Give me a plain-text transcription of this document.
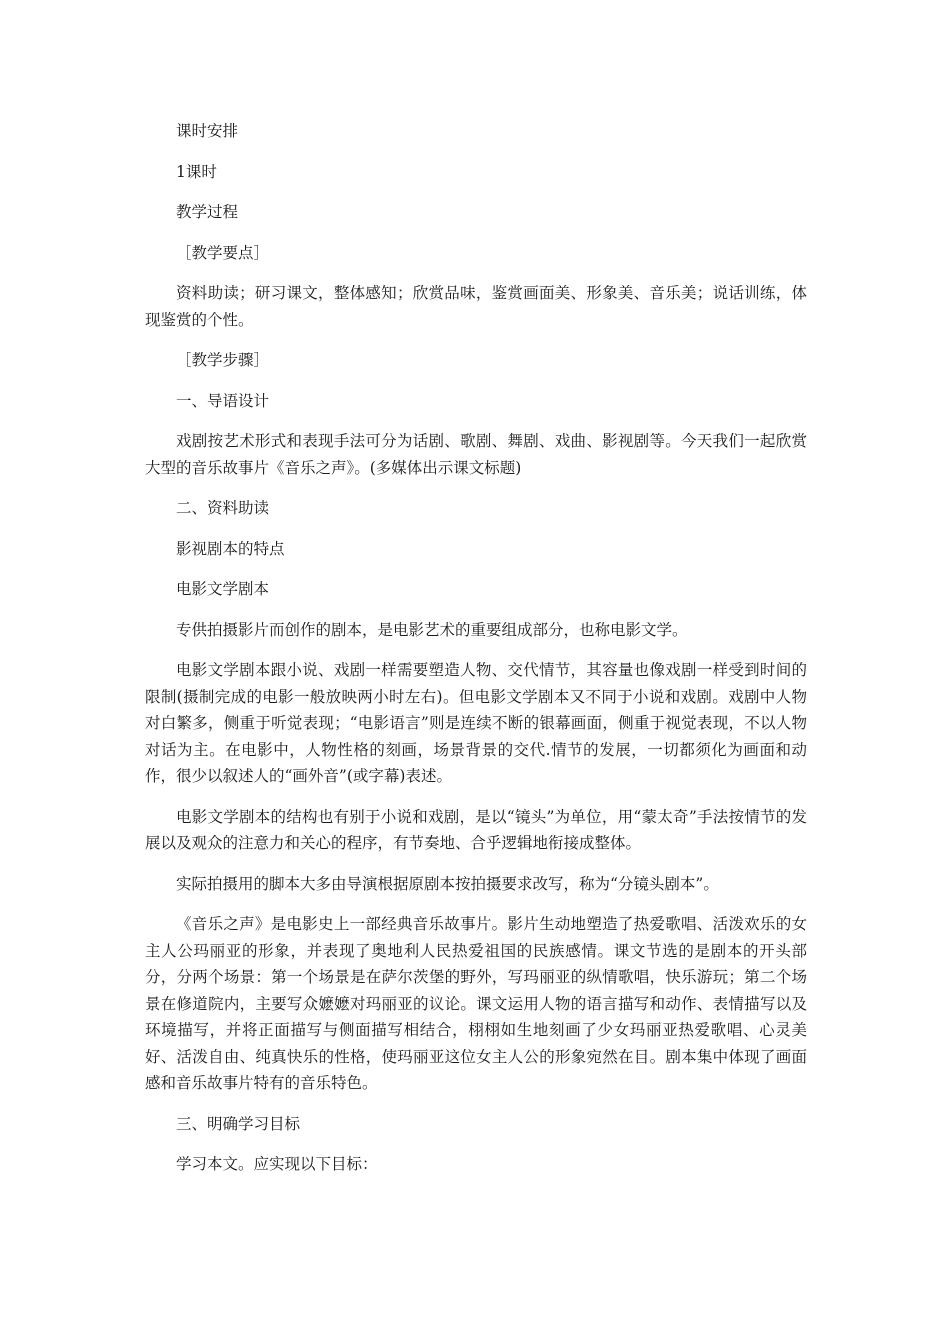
课时安排

1课时

教学过程

［教学要点］

资料助读；研习课文，整体感知；欣赏品味，鉴赏画面美、形象美、音乐美；说话训练，体现鉴赏的个性。

［教学步骤］

一、导语设计

戏剧按艺术形式和表现手法可分为话剧、歌剧、舞剧、戏曲、影视剧等。今天我们一起欣赏大型的音乐故事片《音乐之声》。(多媒体出示课文标题)

二、资料助读

影视剧本的特点

电影文学剧本

专供拍摄影片而创作的剧本，是电影艺术的重要组成部分，也称电影文学。

电影文学剧本跟小说、戏剧一样需要塑造人物、交代情节，其容量也像戏剧一样受到时间的限制(摄制完成的电影一般放映两小时左右)。但电影文学剧本又不同于小说和戏剧。戏剧中人物对白繁多，侧重于听觉表现；“电影语言”则是连续不断的银幕画面，侧重于视觉表现，不以人物对话为主。在电影中，人物性格的刻画，场景背景的交代.情节的发展，一切都须化为画面和动作，很少以叙述人的“画外音”(或字幕)表述。

电影文学剧本的结构也有别于小说和戏剧，是以“镜头”为单位，用“蒙太奇”手法按情节的发展以及观众的注意力和关心的程序，有节奏地、合乎逻辑地衔接成整体。

实际拍摄用的脚本大多由导演根据原剧本按拍摄要求改写，称为“分镜头剧本”。

《音乐之声》是电影史上一部经典音乐故事片。影片生动地塑造了热爱歌唱、活泼欢乐的女主人公玛丽亚的形象，并表现了奥地利人民热爱祖国的民族感情。课文节选的是剧本的开头部分，分两个场景：第一个场景是在萨尔茨堡的野外，写玛丽亚的纵情歌唱，快乐游玩；第二个场景在修道院内，主要写众嬷嬷对玛丽亚的议论。课文运用人物的语言描写和动作、表情描写以及环境描写，并将正面描写与侧面描写相结合，栩栩如生地刻画了少女玛丽亚热爱歌唱、心灵美好、活泼自由、纯真快乐的性格，使玛丽亚这位女主人公的形象宛然在目。剧本集中体现了画面感和音乐故事片特有的音乐特色。

三、明确学习目标

学习本文。应实现以下目标：
